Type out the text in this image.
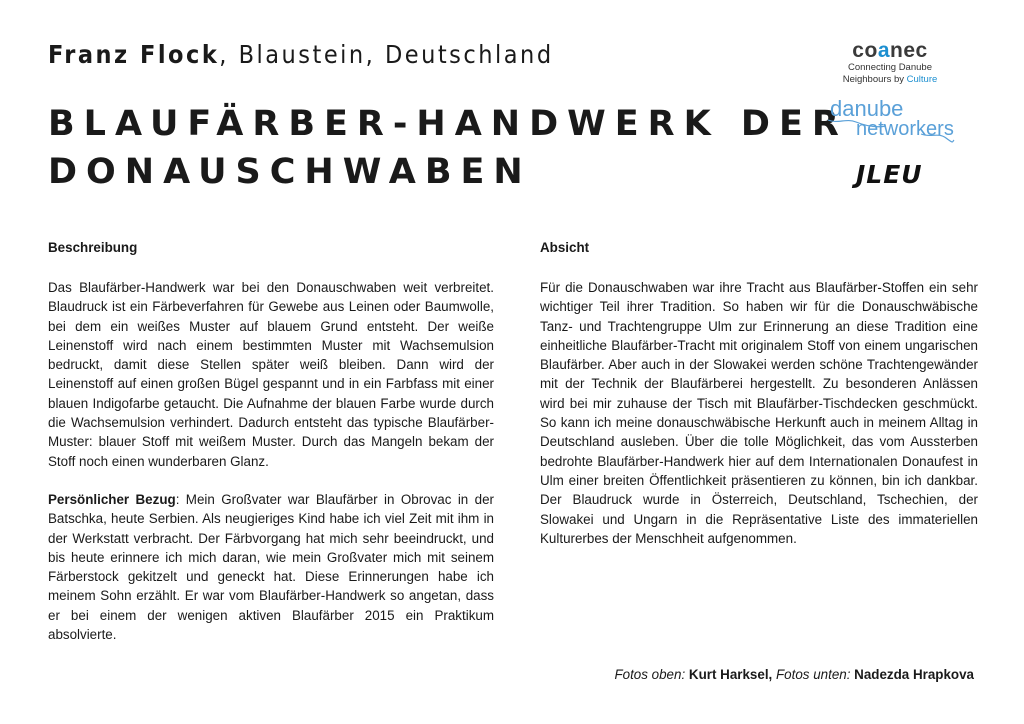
Franz Flock, Blaustein, Deutschland
BLAUFÄRBER-HANDWERK DER
DONAUSCHWABEN
coanec
Connecting Danube
Neighbours by Culture
danube
networkers
JLEU
Beschreibung

Das Blaufärber-Handwerk war bei den Donauschwaben weit verbreitet. Blaudruck ist ein Färbeverfahren für Gewebe aus Leinen oder Baumwolle, bei dem ein weißes Muster auf blauem Grund entsteht. Der weiße Leinenstoff wird nach einem bestimmten Muster mit Wachsemulsion bedruckt, damit diese Stellen später weiß bleiben. Dann wird der Leinenstoff auf einen großen Bügel gespannt und in ein Farbfass mit einer blauen Indigofarbe getaucht. Die Aufnahme der blauen Farbe wurde durch die Wachsemulsion verhindert. Dadurch entsteht das typische Blaufärber-Muster: blauer Stoff mit weißem Muster. Durch das Mangeln bekam der Stoff noch einen wunderbaren Glanz.

Persönlicher Bezug: Mein Großvater war Blaufärber in Obrovac in der Batschka, heute Serbien. Als neugieriges Kind habe ich viel Zeit mit ihm in der Werkstatt verbracht. Der Färbvorgang hat mich sehr beeindruckt, und bis heute erinnere ich mich daran, wie mein Großvater mich mit seinem Färberstock gekitzelt und geneckt hat. Diese Erinnerungen habe ich meinem Sohn erzählt. Er war vom Blaufärber-Handwerk so angetan, dass er bei einem der wenigen aktiven Blaufärber 2015 ein Praktikum absolvierte.

Absicht

Für die Donauschwaben war ihre Tracht aus Blaufärber-Stoffen ein sehr wichtiger Teil ihrer Tradition. So haben wir für die Donauschwäbische Tanz- und Trachtengruppe Ulm zur Erinnerung an diese Tradition eine einheitliche Blaufärber-Tracht mit originalem Stoff von einem ungarischen Blaufärber. Aber auch in der Slowakei werden schöne Trachtengewänder mit der Technik der Blaufärberei hergestellt. Zu besonderen Anlässen wird bei mir zuhause der Tisch mit Blaufärber-Tischdecken geschmückt. So kann ich meine donauschwäbische Herkunft auch in meinem Alltag in Deutschland ausleben. Über die tolle Möglichkeit, das vom Aussterben bedrohte Blaufärber-Handwerk hier auf dem Internationalen Donaufest in Ulm einer breiten Öffentlichkeit präsentieren zu können, bin ich dankbar. Der Blaudruck wurde in Österreich, Deutschland, Tschechien, der Slowakei und Ungarn in die Repräsentative Liste des immateriellen Kulturerbes der Menschheit aufgenommen.

Fotos oben: Kurt Harksel, Fotos unten: Nadezda Hrapkova
